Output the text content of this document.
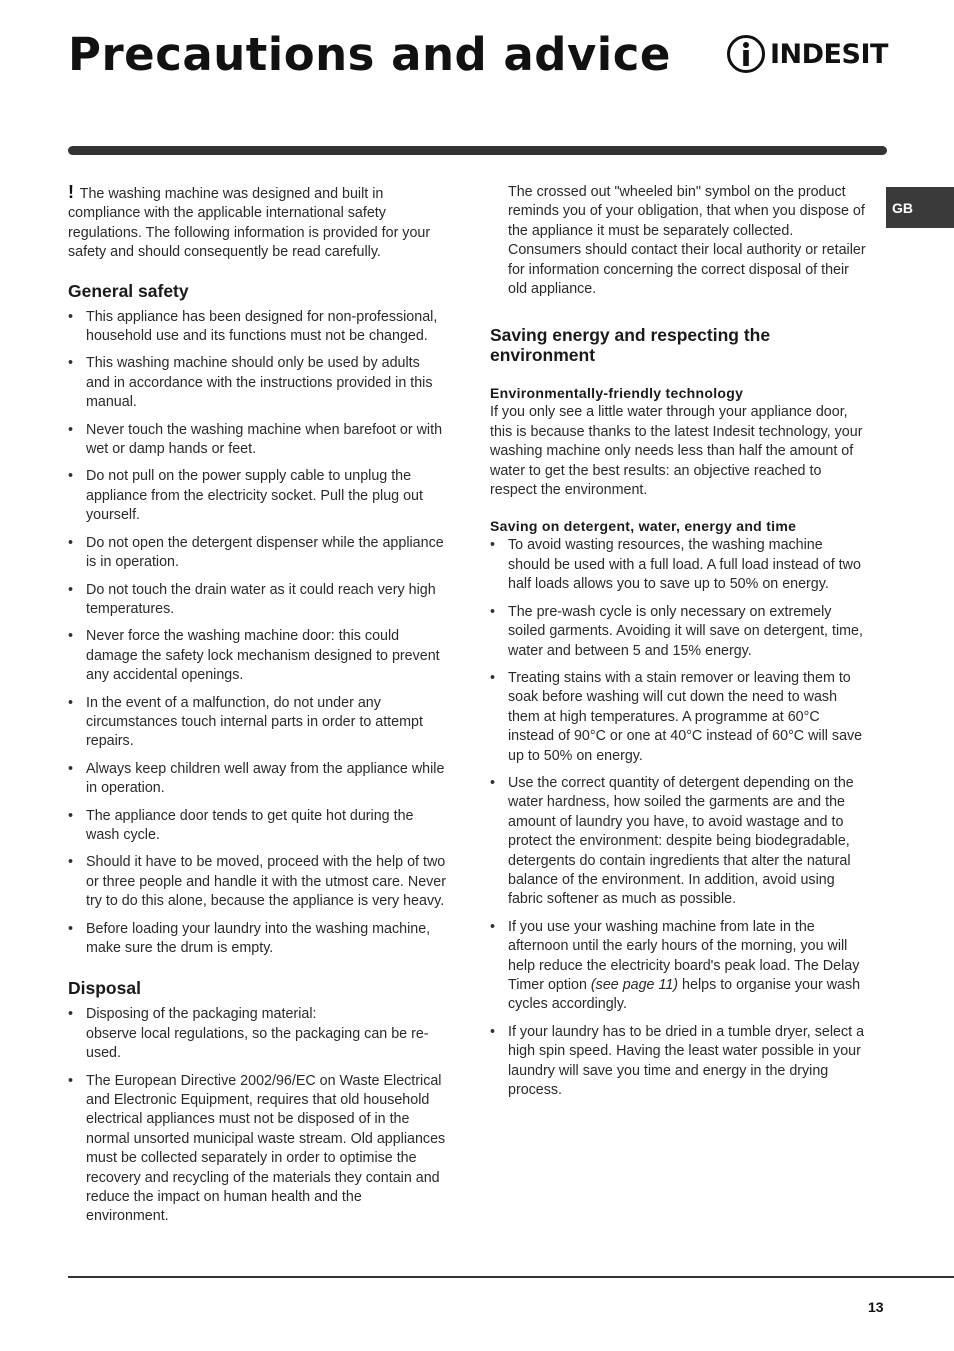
Precautions and advice	INDESIT
GB

! The washing machine was designed and built in compliance with the applicable international safety regulations. The following information is provided for your safety and should consequently be read carefully.

General safety
• This appliance has been designed for non-professional, household use and its functions must not be changed.
• This washing machine should only be used by adults and in accordance with the instructions provided in this manual.
• Never touch the washing machine when barefoot or with wet or damp hands or feet.
• Do not pull on the power supply cable to unplug the appliance from the electricity socket. Pull the plug out yourself.
• Do not open the detergent dispenser while the appliance is in operation.
• Do not touch the drain water as it could reach very high temperatures.
• Never force the washing machine door: this could damage the safety lock mechanism designed to prevent any accidental openings.
• In the event of a malfunction, do not under any circumstances touch internal parts in order to attempt repairs.
• Always keep children well away from the appliance while in operation.
• The appliance door tends to get quite hot during the wash cycle.
• Should it have to be moved, proceed with the help of two or three people and handle it with the utmost care. Never try to do this alone, because the appliance is very heavy.
• Before loading your laundry into the washing machine, make sure the drum is empty.
Disposal
• Disposing of the packaging material:
observe local regulations, so the packaging can be re-used.
• The European Directive 2002/96/EC on Waste Electrical and Electronic Equipment, requires that old household electrical appliances must not be disposed of in the normal unsorted municipal waste stream. Old appliances must be collected separately in order to optimise the recovery and recycling of the materials they contain and reduce the impact on human health and the environment.

The crossed out "wheeled bin" symbol on the product reminds you of your obligation, that when you dispose of the appliance it must be separately collected.

Consumers should contact their local authority or retailer for information concerning the correct disposal of their old appliance.

Saving energy and respecting the environment
Environmentally-friendly technology

If you only see a little water through your appliance door, this is because thanks to the latest Indesit technology, your washing machine only needs less than half the amount of water to get the best results: an objective reached to respect the environment.

Saving on detergent, water, energy and time
• To avoid wasting resources, the washing machine should be used with a full load. A full load instead of two half loads allows you to save up to 50% on energy.
• The pre-wash cycle is only necessary on extremely soiled garments. Avoiding it will save on detergent, time, water and between 5 and 15% energy.
• Treating stains with a stain remover or leaving them to soak before washing will cut down the need to wash them at high temperatures. A programme at 60°C instead of 90°C or one at 40°C instead of 60°C will save up to 50% on energy.
• Use the correct quantity of detergent depending on the water hardness, how soiled the garments are and the amount of laundry you have, to avoid wastage and to protect the environment: despite being biodegradable, detergents do contain ingredients that alter the natural balance of the environment. In addition, avoid using fabric softener as much as possible.
• If you use your washing machine from late in the afternoon until the early hours of the morning, you will help reduce the electricity board's peak load. The Delay Timer option (see page 11) helps to organise your wash cycles accordingly.
• If your laundry has to be dried in a tumble dryer, select a high spin speed. Having the least water possible in your laundry will save you time and energy in the drying process.
13
